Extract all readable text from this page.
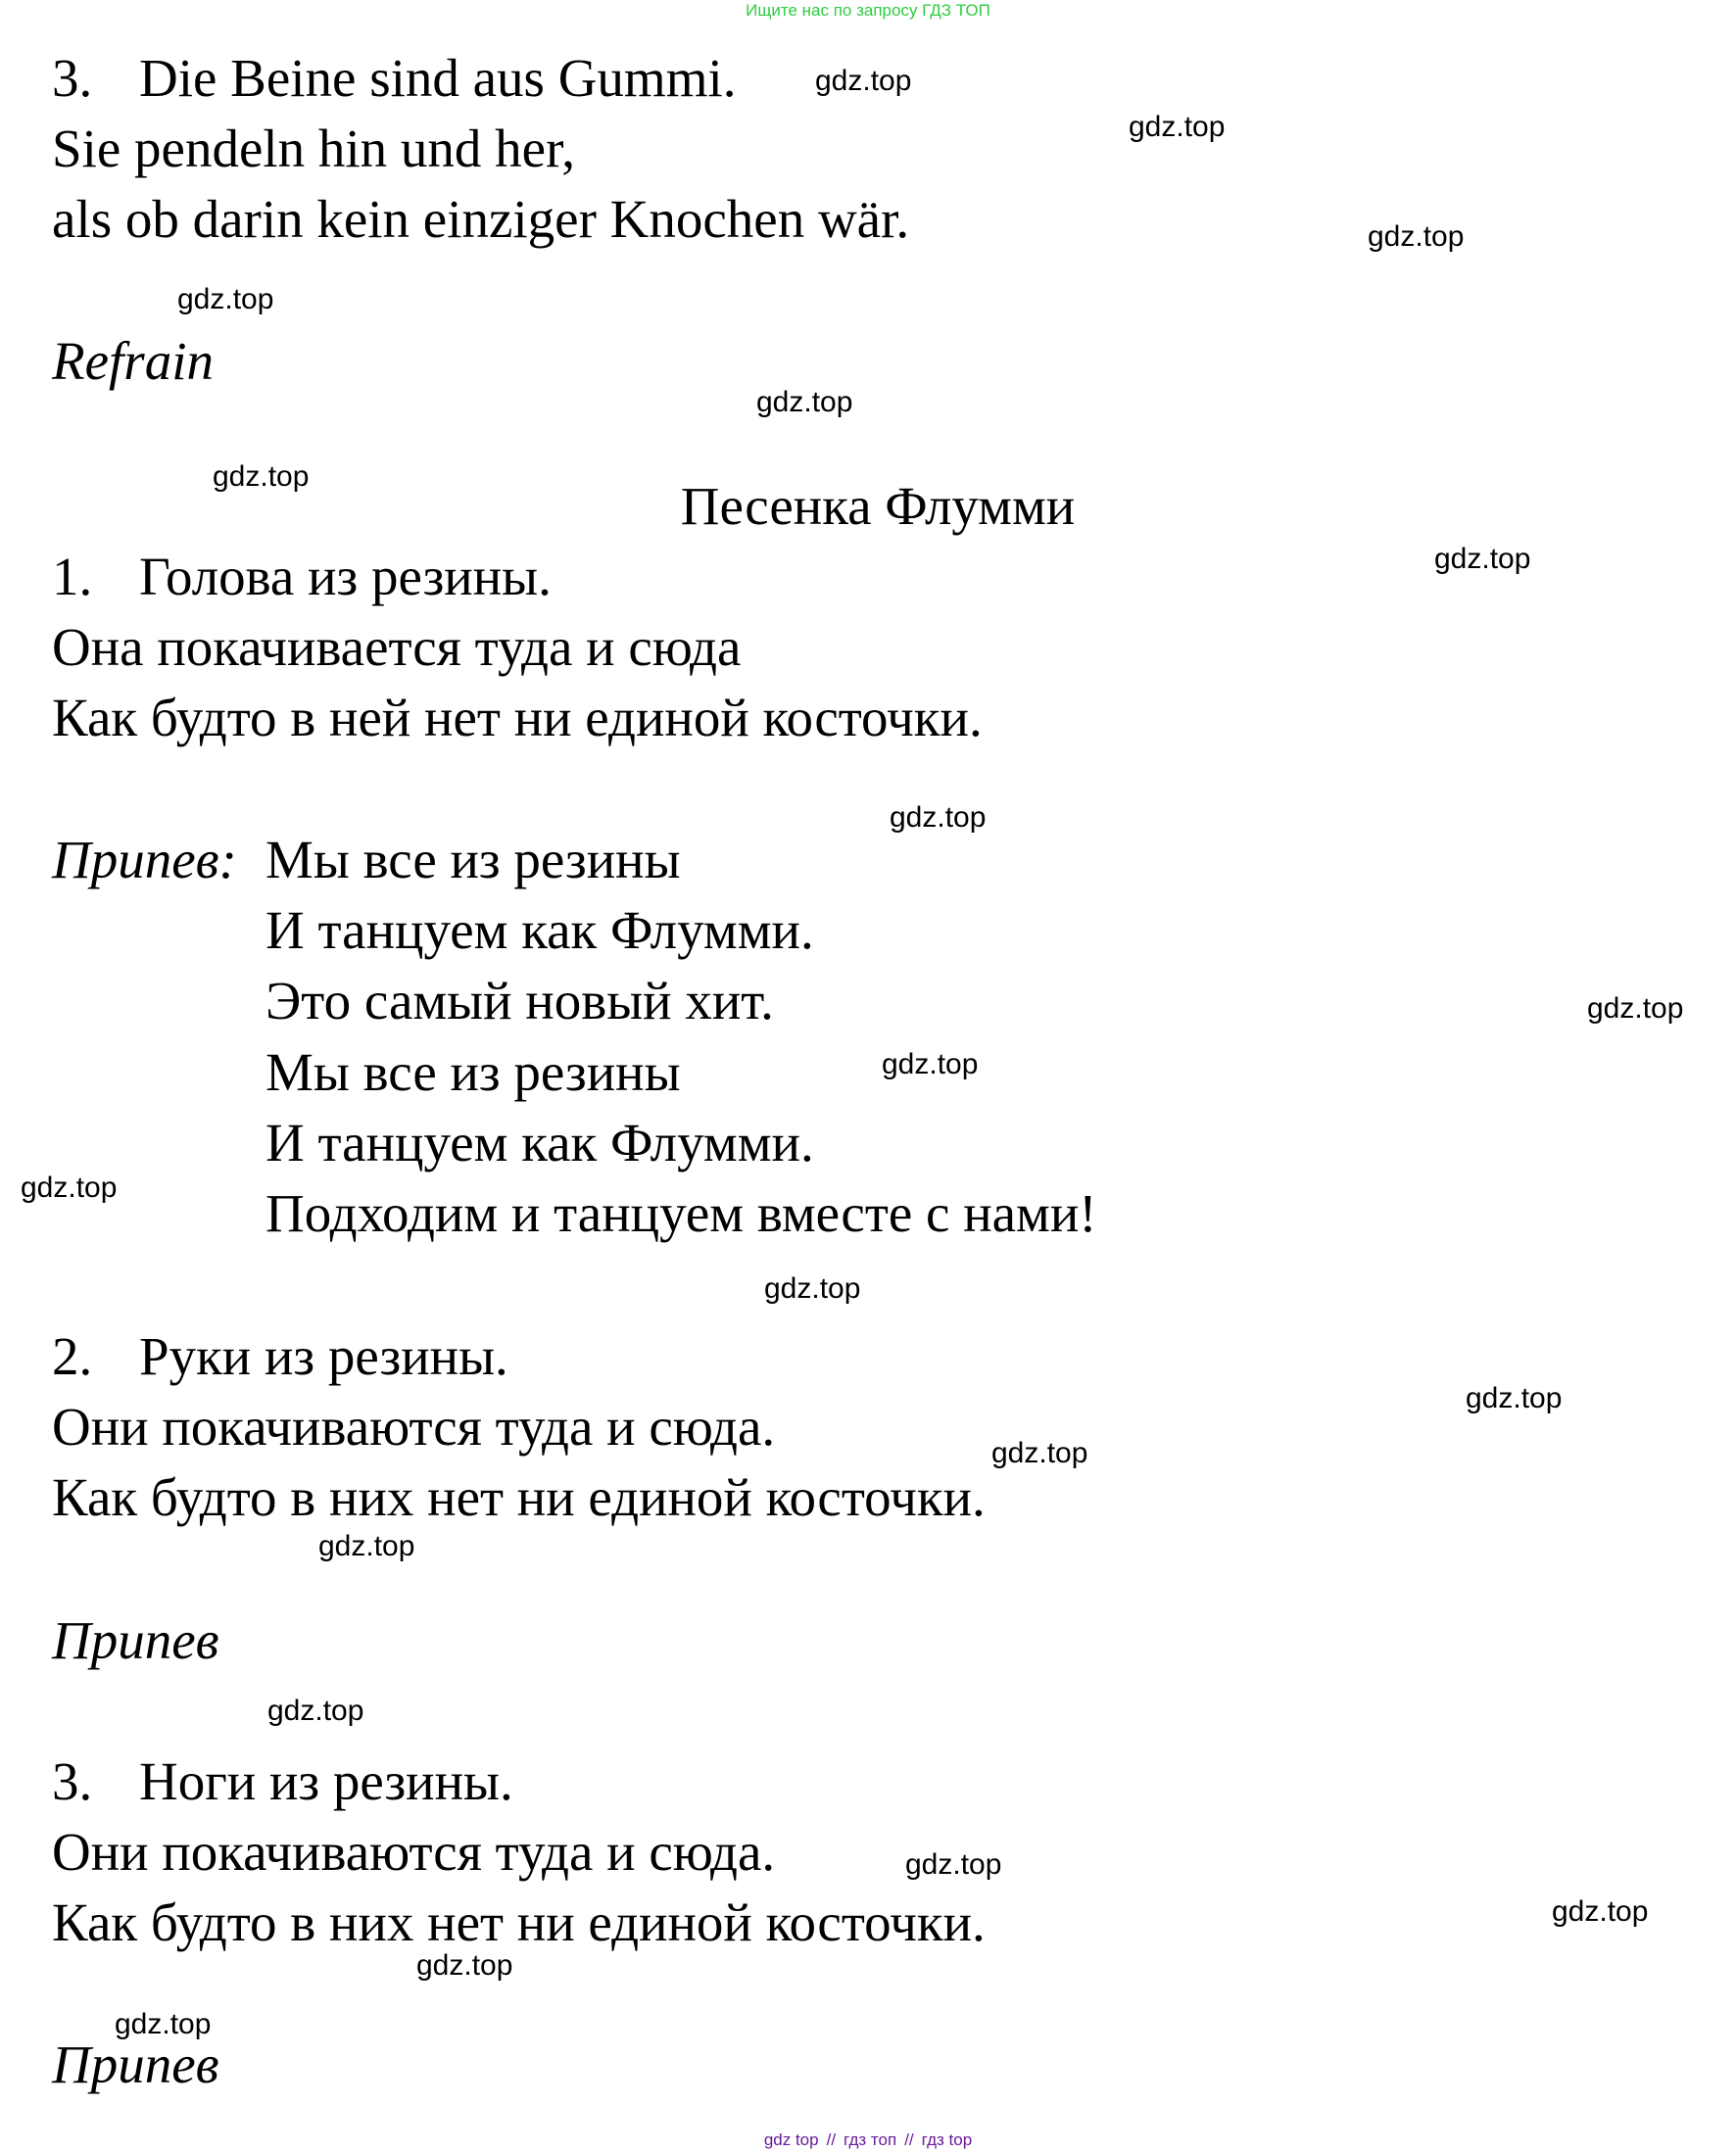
Ищите нас по запросу ГДЗ ТОП
3. Die Beine sind aus Gummi.
Sie pendeln hin und her,
als ob darin kein einziger Knochen wär.
Refrain
Песенка Флумми
1. Голова из резины.
Она покачивается туда и сюда
Как будто в ней нет ни единой косточки.
Припев: Мы все из резины
И танцуем как Флумми.
Это самый новый хит.
Мы все из резины
И танцуем как Флумми.
Подходим и танцуем вместе с нами!
2. Руки из резины.
Они покачиваются туда и сюда.
Как будто в них нет ни единой косточки.
Припев
3. Ноги из резины.
Они покачиваются туда и сюда.
Как будто в них нет ни единой косточки.
Припев
gdz.top
gdz.top
gdz.top
gdz.top
gdz.top
gdz.top
gdz.top
gdz.top
gdz.top
gdz.top
gdz.top
gdz.top
gdz.top
gdz.top
gdz.top
gdz.top
gdz.top
gdz.top
gdz.top
gdz.top
gdz top // гдз топ // гдз top
